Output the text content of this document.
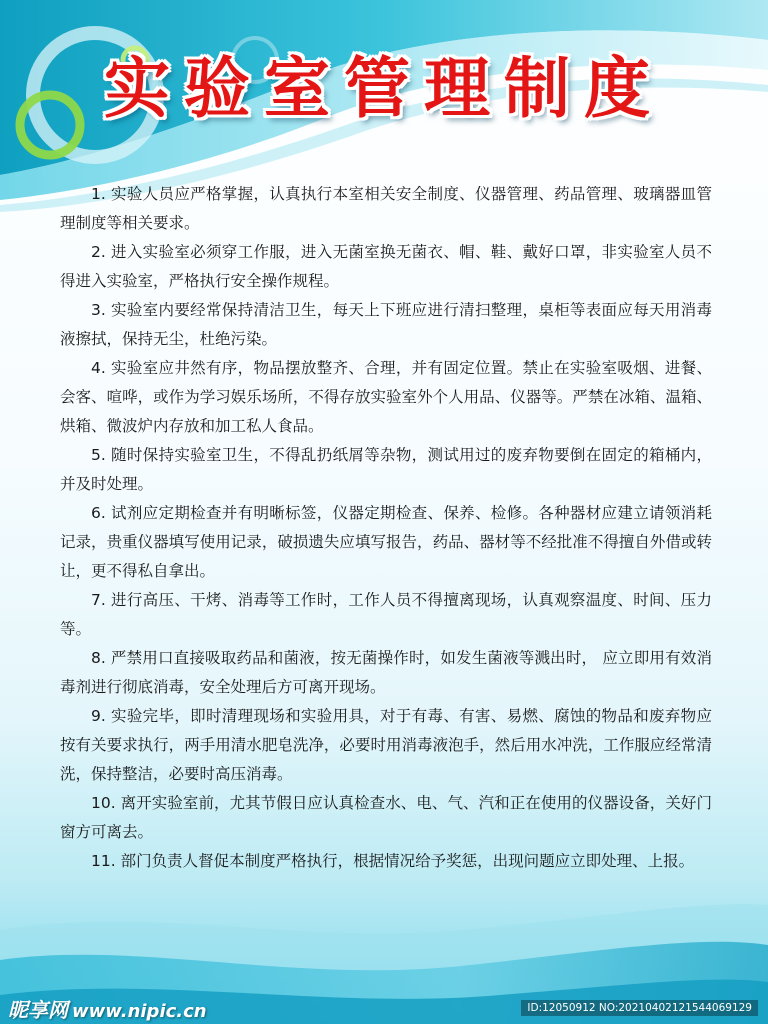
实验室管理制度

1. 实验人员应严格掌握，认真执行本室相关安全制度、仪器管理、药品管理、玻璃器皿管理制度等相关要求。

2. 进入实验室必须穿工作服，进入无菌室换无菌衣、帽、鞋、戴好口罩，非实验室人员不得进入实验室，严格执行安全操作规程。

3. 实验室内要经常保持清洁卫生，每天上下班应进行清扫整理，桌柜等表面应每天用消毒液擦拭，保持无尘，杜绝污染。

4. 实验室应井然有序，物品摆放整齐、合理，并有固定位置。禁止在实验室吸烟、进餐、会客、喧哗，或作为学习娱乐场所，不得存放实验室外个人用品、仪器等。严禁在冰箱、温箱、烘箱、微波炉内存放和加工私人食品。

5. 随时保持实验室卫生，不得乱扔纸屑等杂物，测试用过的废弃物要倒在固定的箱桶内，并及时处理。

6. 试剂应定期检查并有明晰标签，仪器定期检查、保养、检修。各种器材应建立请领消耗记录，贵重仪器填写使用记录，破损遗失应填写报告，药品、器材等不经批准不得擅自外借或转让，更不得私自拿出。

7. 进行高压、干烤、消毒等工作时，工作人员不得擅离现场，认真观察温度、时间、压力等。

8. 严禁用口直接吸取药品和菌液，按无菌操作时，如发生菌液等溅出时， 应立即用有效消毒剂进行彻底消毒，安全处理后方可离开现场。

9. 实验完毕，即时清理现场和实验用具，对于有毒、有害、易燃、腐蚀的物品和废弃物应按有关要求执行，两手用清水肥皂洗净，必要时用消毒液泡手，然后用水冲洗，工作服应经常清洗，保持整洁，必要时高压消毒。

10. 离开实验室前，尤其节假日应认真检查水、电、气、汽和正在使用的仪器设备，关好门窗方可离去。

11. 部门负责人督促本制度严格执行，根据情况给予奖惩，出现问题应立即处理、上报。

昵享网 www.nipic.cn	ID:12050912 NO:20210402121544069129
